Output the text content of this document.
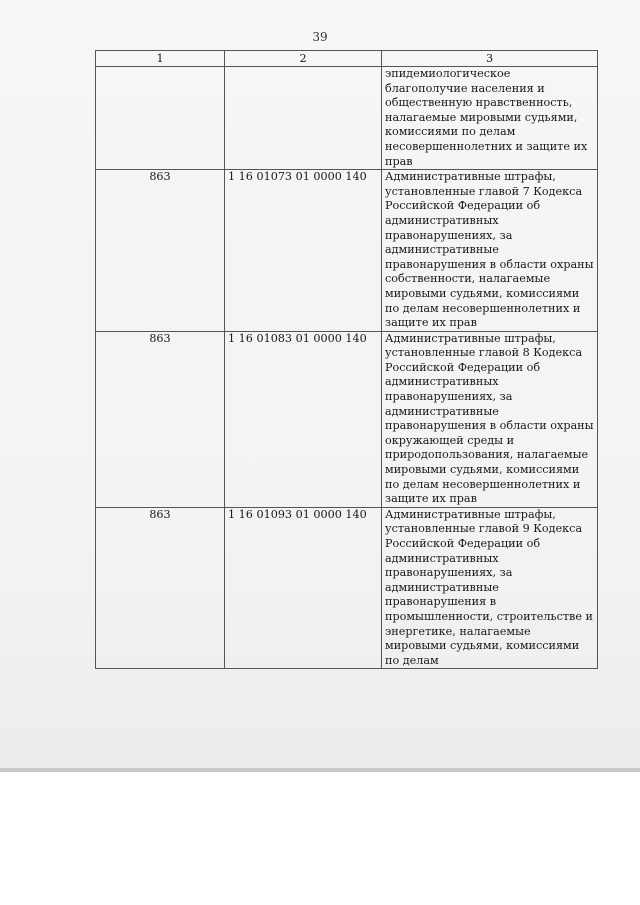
39
1	2	3
		эпидемиологическое благополучие населения и общественную нравственность, налагаемые мировыми судьями, комиссиями по делам несовершеннолетних и защите их прав
863	1 16 01073 01 0000 140	Административные штрафы, установленные главой 7 Кодекса Российской Федерации об административных правонарушениях, за административные правонарушения в области охраны собственности, налагаемые мировыми судьями, комиссиями по делам несовершеннолетних и защите их прав
863	1 16 01083 01 0000 140	Административные штрафы, установленные главой 8 Кодекса Российской Федерации об административных правонарушениях, за административные правонарушения в области охраны окружающей среды и природопользования, налагаемые мировыми судьями, комиссиями по делам несовершеннолетних и защите их прав
863	1 16 01093 01 0000 140	Административные штрафы, установленные главой 9 Кодекса Российской Федерации об административных правонарушениях, за административные правонарушения в промышленности, строительстве и энергетике, налагаемые мировыми судьями, комиссиями по делам
